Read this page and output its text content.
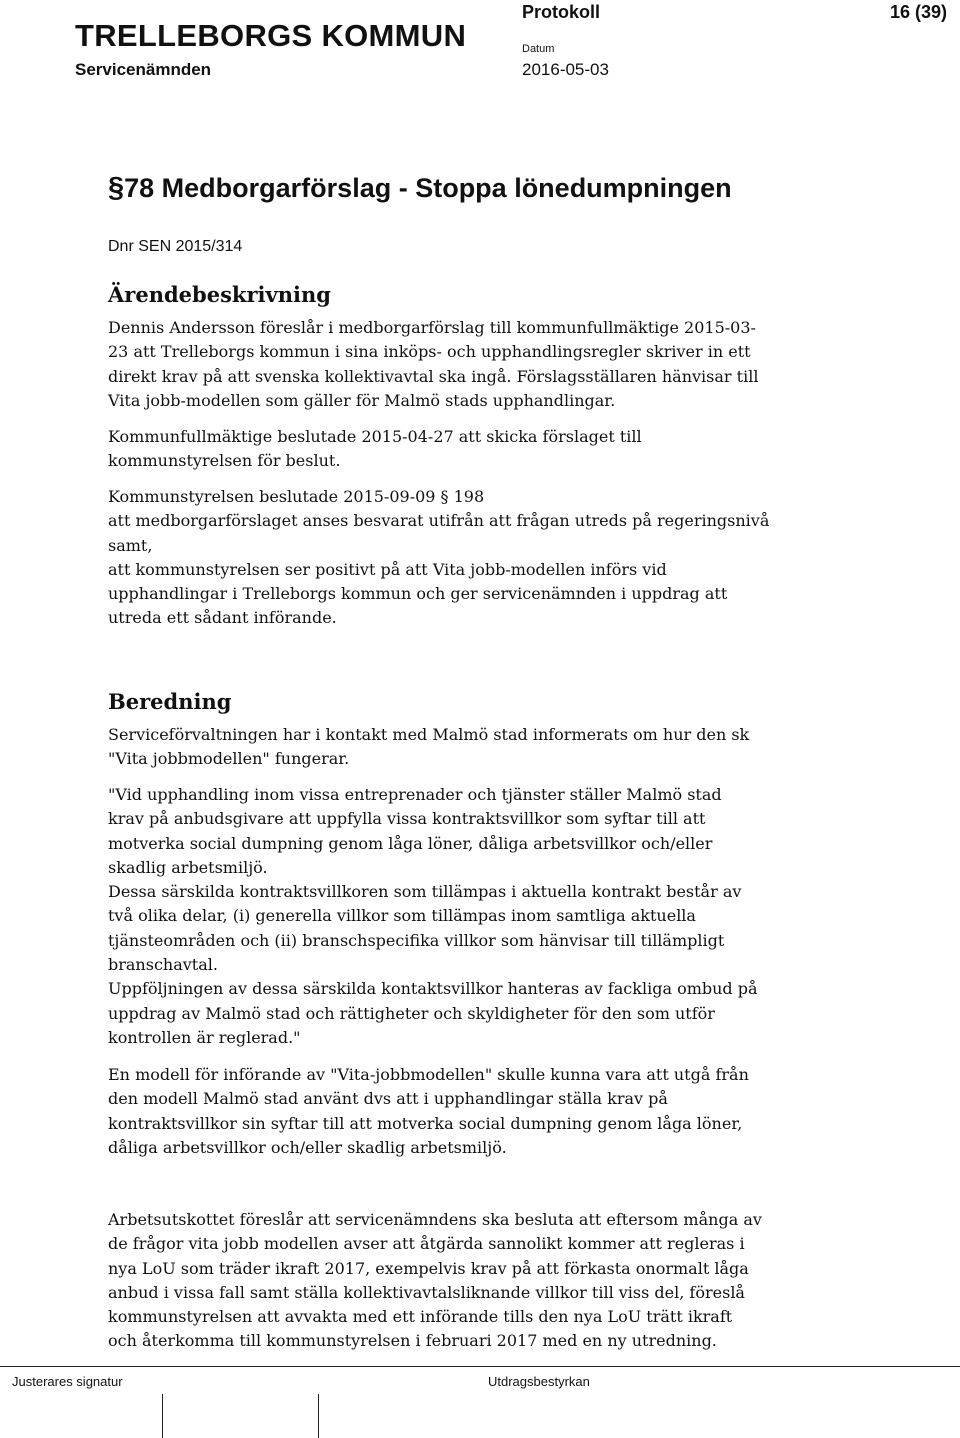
TRELLEBORGS KOMMUN
Servicenämnden
Protokoll
Datum
2016-05-03
16 (39)
§78 Medborgarförslag - Stoppa lönedumpningen
Dnr SEN 2015/314
Ärendebeskrivning

Dennis Andersson föreslår i medborgarförslag till kommunfullmäktige 2015-03-
23 att Trelleborgs kommun i sina inköps- och upphandlingsregler skriver in ett
direkt krav på att svenska kollektivavtal ska ingå. Förslagsställaren hänvisar till
Vita jobb-modellen som gäller för Malmö stads upphandlingar.

Kommunfullmäktige beslutade 2015-04-27 att skicka förslaget till
kommunstyrelsen för beslut.

Kommunstyrelsen beslutade 2015-09-09 § 198
att medborgarförslaget anses besvarat utifrån att frågan utreds på regeringsnivå
samt,
att kommunstyrelsen ser positivt på att Vita jobb-modellen införs vid
upphandlingar i Trelleborgs kommun och ger servicenämnden i uppdrag att
utreda ett sådant införande.

Beredning

Serviceförvaltningen har i kontakt med Malmö stad informerats om hur den sk
"Vita jobbmodellen" fungerar.

"Vid upphandling inom vissa entreprenader och tjänster ställer Malmö stad
krav på anbudsgivare att uppfylla vissa kontraktsvillkor som syftar till att
motverka social dumpning genom låga löner, dåliga arbetsvillkor och/eller
skadlig arbetsmiljö.
Dessa särskilda kontraktsvillkoren som tillämpas i aktuella kontrakt består av
två olika delar, (i) generella villkor som tillämpas inom samtliga aktuella
tjänsteområden och (ii) branschspecifika villkor som hänvisar till tillämpligt
branschavtal.
Uppföljningen av dessa särskilda kontaktsvillkor hanteras av fackliga ombud på
uppdrag av Malmö stad och rättigheter och skyldigheter för den som utför
kontrollen är reglerad."

En modell för införande av "Vita-jobbmodellen" skulle kunna vara att utgå från
den modell Malmö stad använt dvs att i upphandlingar ställa krav på
kontraktsvillkor sin syftar till att motverka social dumpning genom låga löner,
dåliga arbetsvillkor och/eller skadlig arbetsmiljö.

Arbetsutskottet föreslår att servicenämndens ska besluta att eftersom många av
de frågor vita jobb modellen avser att åtgärda sannolikt kommer att regleras i
nya LoU som träder ikraft 2017, exempelvis krav på att förkasta onormalt låga
anbud i vissa fall samt ställa kollektivavtalsliknande villkor till viss del, föreslå
kommunstyrelsen att avvakta med ett införande tills den nya LoU trätt ikraft
och återkomma till kommunstyrelsen i februari 2017 med en ny utredning.

Justerares signatur	Utdragsbestyrkan
